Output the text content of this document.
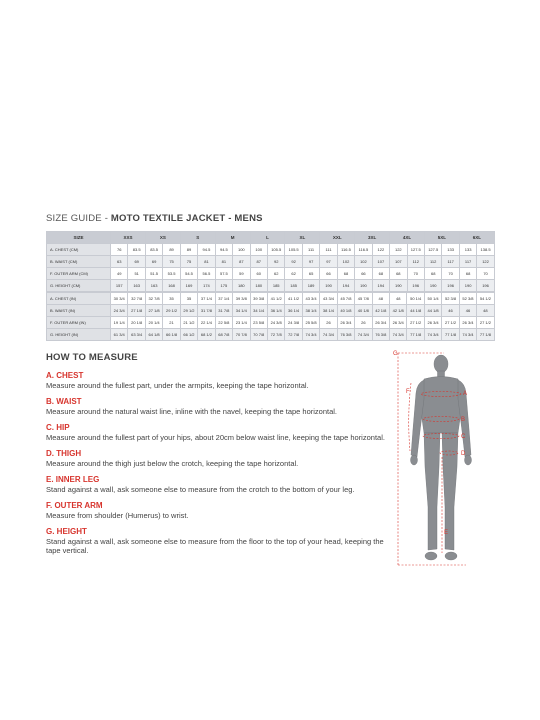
SIZE GUIDE - MOTO TEXTILE JACKET - MENS
SIZE	XXS		XS		S		M		L		XL		XXL		3XL		4XL		5XL		6XL	
A. CHEST (CM)	76	83.5	83.5	89	89	94.5	94.5	100	100	105.5	105.5	111	111	116.5	116.5	122	122	127.5	127.5	133	133	138.5
B. WAIST (CM)	63	69	69	75	75	81	81	87	87	92	92	97	97	102	102	107	107	112	112	117	117	122
F. OUTER ARM (CM)	49	51	51.5	53.5	54.5	56.5	57.5	59	60	62	62	65	66	68	66	68	68	70	68	70	68	70
G. HEIGHT (CM)	157	163	163	168	169	174	175	180	180	185	185	189	190	194	190	194	190	196	190	196	190	196
A. CHEST (IN)	30 3/4	32 7/8	32 7/8	35	35	37 1/4	37 1/4	39 3/8	39 3/8	41 1/2	41 1/2	43 3/4	43 3/4	45 7/8	45 7/8	48	48	50 1/4	50 1/4	52 3/8	52 3/8	54 1/2
B. WAIST (IN)	24 3/4	27 1/8	27 1/8	29 1/2	29 1/2	31 7/8	31 7/8	34 1/4	34 1/4	36 1/4	36 1/4	38 1/4	38 1/4	40 1/8	40 1/8	42 1/8	42 1/8	44 1/8	44 1/8	46	46	48
F. OUTER ARM (IN)	19 1/4	20 1/8	20 1/4	21	21 1/2	22 1/4	22 5/8	23 1/4	23 5/8	24 3/8	24 3/8	25 5/8	26	26 3/4	26	26 3/4	26 3/4	27 1/2	26 3/4	27 1/2	26 3/4	27 1/2
G. HEIGHT (IN)	61 3/4	63 3/4	64 1/8	66 1/8	66 1/2	68 1/2	68 7/8	70 7/8	70 7/8	72 7/8	72 7/8	74 3/4	74 3/4	76 3/8	74 3/4	76 3/8	74 3/4	77 1/8	74 3/4	77 1/8	74 3/4	77 1/8
HOW TO MEASURE
A. CHEST
Measure around the fullest part, under the armpits, keeping the tape horizontal.
B. WAIST
Measure around the natural waist line, inline with the navel, keeping the tape horizontal.
C. HIP
Measure around the fullest part of your hips, about 20cm below waist line, keeping the tape horizontal.
D. THIGH
Measure around the thigh just below the crotch, keeping the tape horizontal.
E. INNER LEG
Stand against a wall, ask someone else to measure from the crotch to the bottom of your leg.
F. OUTER ARM
Measure from shoulder (Humerus) to wrist.
G. HEIGHT
Stand against a wall, ask someone else to measure from the floor to the top of your head, keeping the tape vertical.
G
F	A
B
C
D
E
